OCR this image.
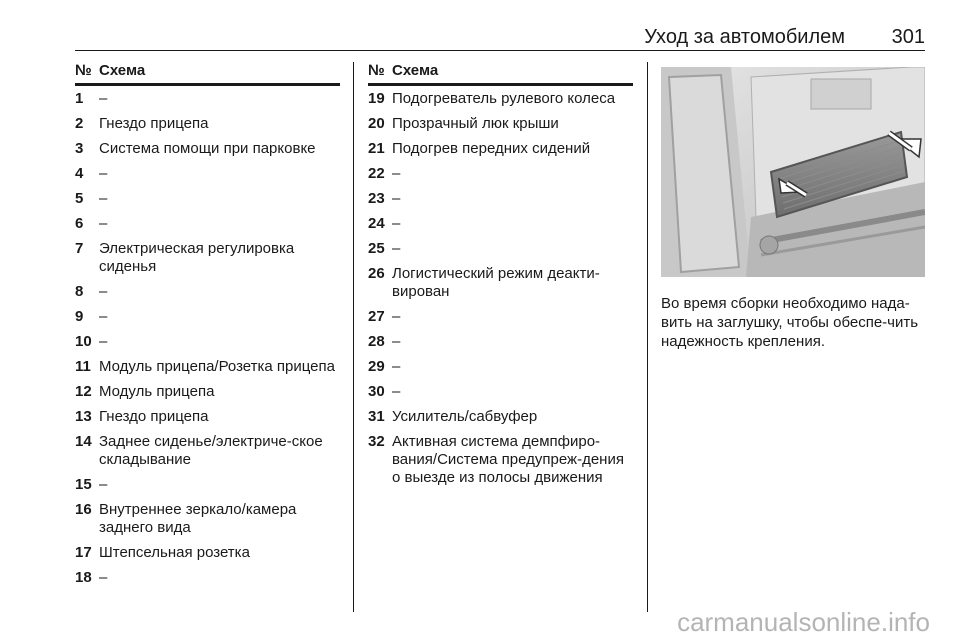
Уход за автомобилем 301
№ Схема
1	–
2	Гнездо прицепа
3	Система помощи при парковке
4	–
5	–
6	–
7	Электрическая регулировка сиденья
8	–
9	–
10 –
11 Модуль прицепа/Розетка прицепа
12 Модуль прицепа
13 Гнездо прицепа
14 Заднее сиденье/электриче-ское складывание
15 –
16 Внутреннее зеркало/камера заднего вида
17 Штепсельная розетка
18 –
№ Схема
19 Подогреватель рулевого колеса
20 Прозрачный люк крыши
21 Подогрев передних сидений
22 –
23 –
24 –
25 –
26 Логистический режим деакти-вирован
27 –
28 –
29 –
30 –
31 Усилитель/сабвуфер
32 Активная система демпфиро-вания/Система предупреж-дения о выезде из полосы движения
Во время сборки необходимо нада-вить на заглушку, чтобы обеспе-чить надежность крепления.
carmanualsonline.info
